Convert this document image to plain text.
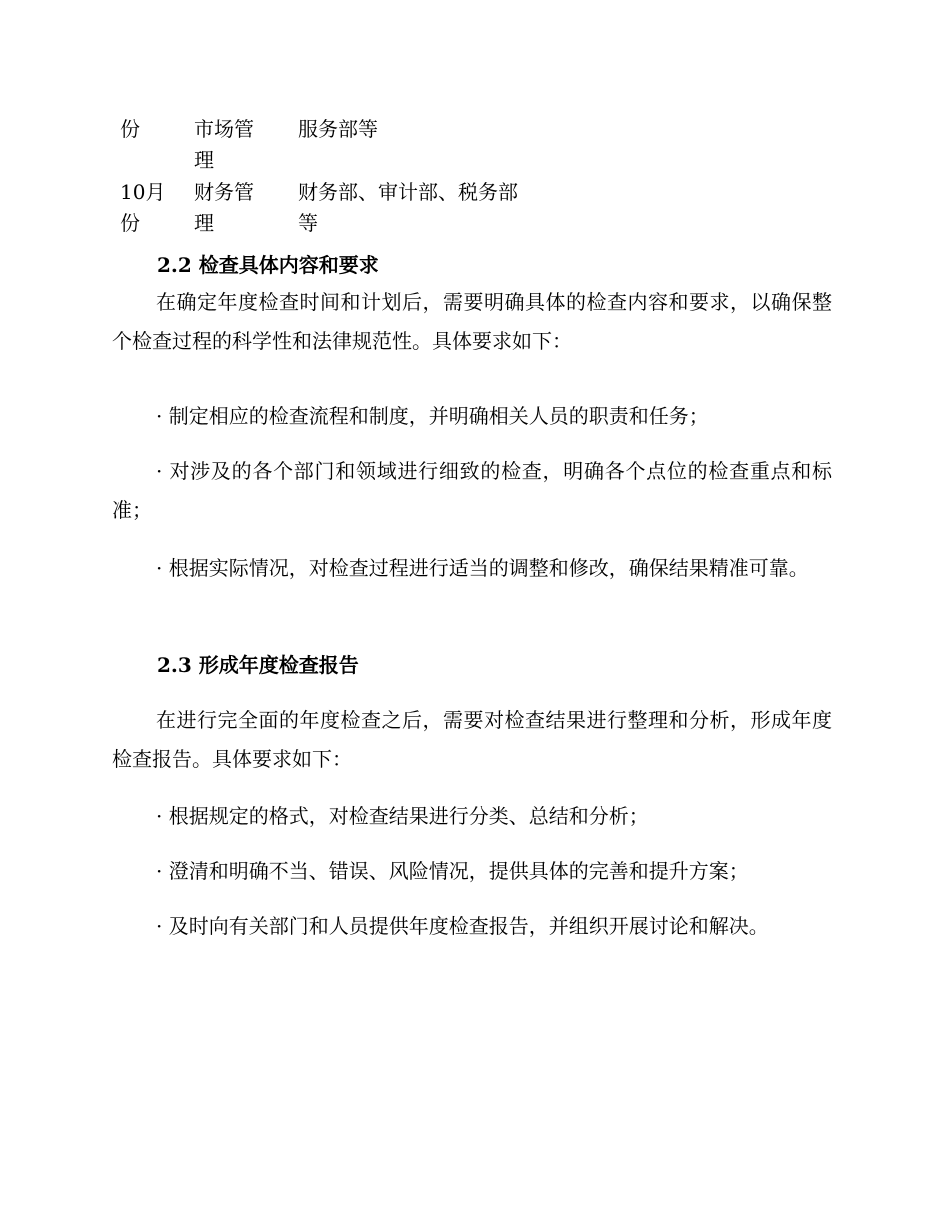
份	市场管理	服务部等

10月份	财务管理	财务部、审计部、税务部等
2.2 检查具体内容和要求

在确定年度检查时间和计划后，需要明确具体的检查内容和要求，以确保整个检查过程的科学性和法律规范性。具体要求如下：

· 制定相应的检查流程和制度，并明确相关人员的职责和任务；

· 对涉及的各个部门和领域进行细致的检查，明确各个点位的检查重点和标准；

· 根据实际情况，对检查过程进行适当的调整和修改，确保结果精准可靠。

2.3 形成年度检查报告

在进行完全面的年度检查之后，需要对检查结果进行整理和分析，形成年度检查报告。具体要求如下：

· 根据规定的格式，对检查结果进行分类、总结和分析；

· 澄清和明确不当、错误、风险情况，提供具体的完善和提升方案；

· 及时向有关部门和人员提供年度检查报告，并组织开展讨论和解决。
